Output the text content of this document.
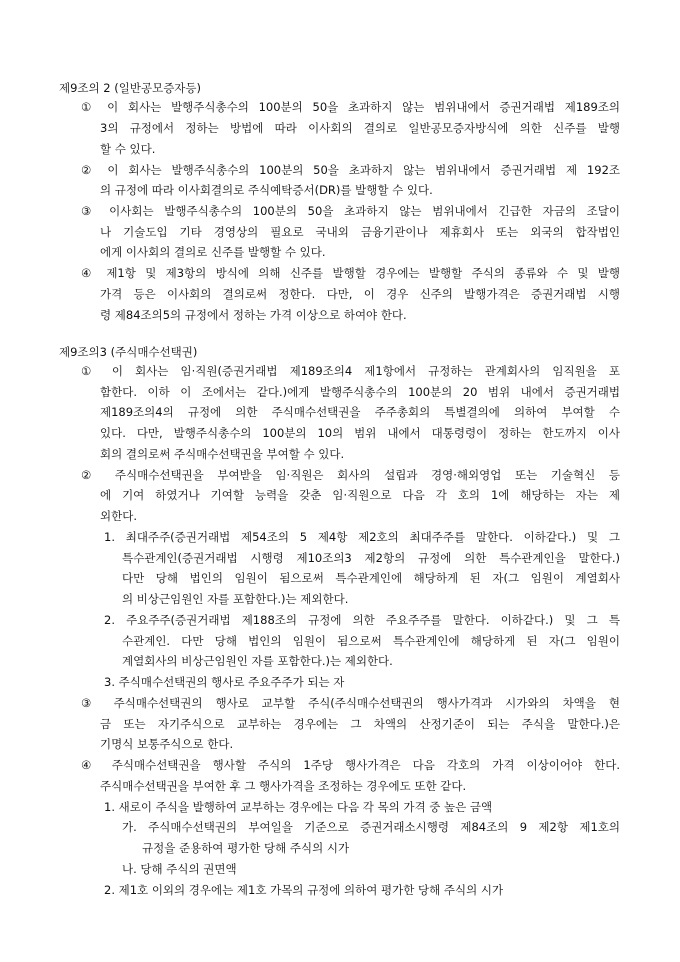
제9조의 2 (일반공모증자등)
① 이 회사는 발행주식총수의 100분의 50을 초과하지 않는 범위내에서 증권거래법 제189조의
3의 규정에서 정하는 방법에 따라 이사회의 결의로 일반공모증자방식에 의한 신주를 발행
할 수 있다.
② 이 회사는 발행주식총수의 100분의 50을 초과하지 않는 범위내에서 증권거래법 제 192조
의 규정에 따라 이사회결의로 주식예탁증서(DR)를 발행할 수 있다.
③ 이사회는 발행주식총수의 100분의 50을 초과하지 않는 범위내에서 긴급한 자금의 조달이
나 기술도입 기타 경영상의 필요로 국내외 금융기관이나 제휴회사 또는 외국의 합작법인
에게 이사회의 결의로 신주를 발행할 수 있다.
④ 제1항 및 제3항의 방식에 의해 신주를 발행할 경우에는 발행할 주식의 종류와 수 및 발행
가격 등은 이사회의 결의로써 정한다. 다만, 이 경우 신주의 발행가격은 증권거래법 시행
령 제84조의5의 규정에서 정하는 가격 이상으로 하여야 한다.
제9조의3 (주식매수선택권)
① 이 회사는 임·직원(증권거래법 제189조의4 제1항에서 규정하는 관계회사의 임직원을 포
함한다. 이하 이 조에서는 같다.)에게 발행주식총수의 100분의 20 범위 내에서 증권거래법
제189조의4의 규정에 의한 주식매수선택권을 주주총회의 특별결의에 의하여 부여할 수
있다. 다만, 발행주식총수의 100분의 10의 범위 내에서 대통령령이 정하는 한도까지 이사
회의 결의로써 주식매수선택권을 부여할 수 있다.
② 주식매수선택권을 부여받을 임·직원은 회사의 설립과 경영·해외영업 또는 기술혁신 등
에 기여 하였거나 기여할 능력을 갖춘 임·직원으로 다음 각 호의 1에 해당하는 자는 제
외한다.
1. 최대주주(증권거래법 제54조의 5 제4항 제2호의 최대주주를 말한다. 이하같다.) 및 그
특수관계인(증권거래법 시행령 제10조의3 제2항의 규정에 의한 특수관계인을 말한다.)
다만 당해 법인의 임원이 됨으로써 특수관계인에 해당하게 된 자(그 임원이 계열회사
의 비상근임원인 자를 포함한다.)는 제외한다.
2. 주요주주(증권거래법 제188조의 규정에 의한 주요주주를 말한다. 이하같다.) 및 그 특
수관계인. 다만 당해 법인의 임원이 됨으로써 특수관계인에 해당하게 된 자(그 임원이
계열회사의 비상근임원인 자를 포함한다.)는 제외한다.
3. 주식매수선택권의 행사로 주요주주가 되는 자
③ 주식매수선택권의 행사로 교부할 주식(주식매수선택권의 행사가격과 시가와의 차액을 현
금 또는 자기주식으로 교부하는 경우에는 그 차액의 산정기준이 되는 주식을 말한다.)은
기명식 보통주식으로 한다.
④ 주식매수선택권을 행사할 주식의 1주당 행사가격은 다음 각호의 가격 이상이어야 한다.
주식매수선택권을 부여한 후 그 행사가격을 조정하는 경우에도 또한 같다.
1. 새로이 주식을 발행하여 교부하는 경우에는 다음 각 목의 가격 중 높은 금액
가. 주식매수선택권의 부여일을 기준으로 증권거래소시행령 제84조의 9 제2항 제1호의
규정을 준용하여 평가한 당해 주식의 시가
나. 당해 주식의 권면액
2. 제1호 이외의 경우에는 제1호 가목의 규정에 의하여 평가한 당해 주식의 시가
